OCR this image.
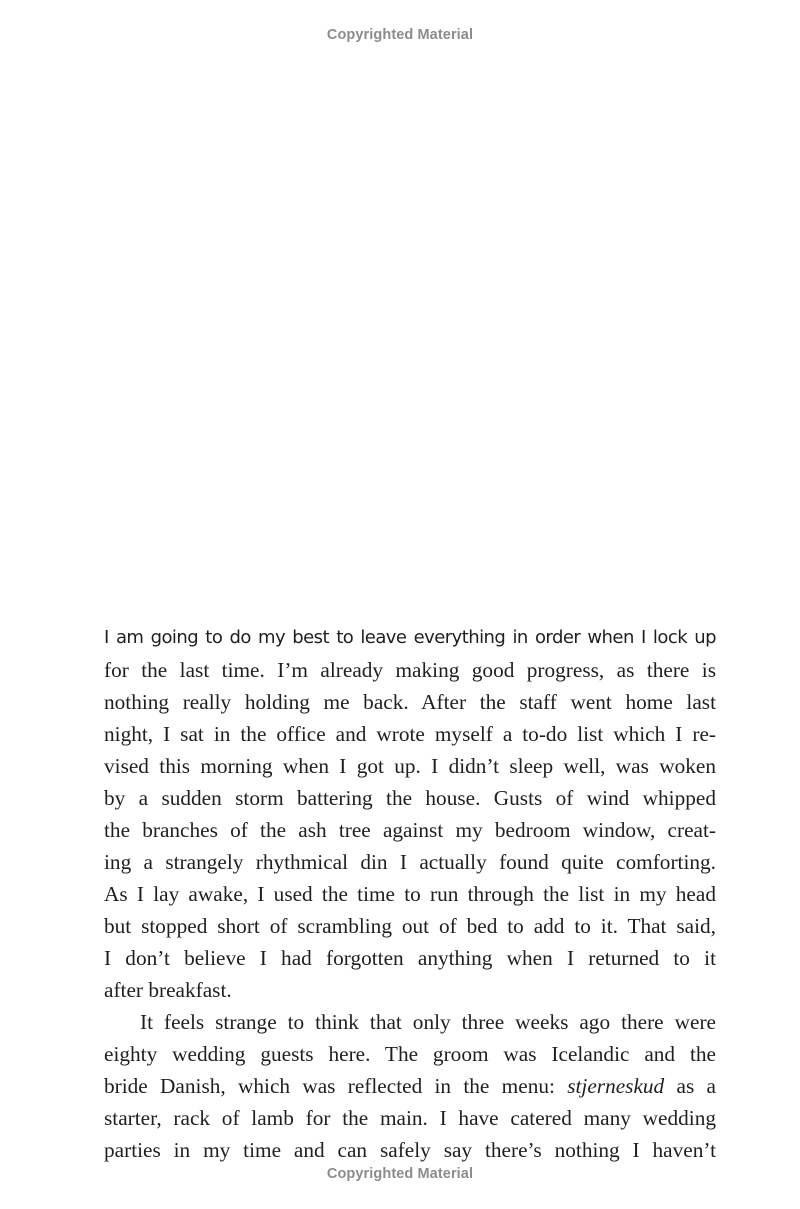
Copyrighted Material
I am going to do my best to leave everything in order when I lock up
for the last time. I’m already making good progress, as there is
nothing really holding me back. After the staff went home last
night, I sat in the office and wrote myself a to-do list which I re-
vised this morning when I got up. I didn’t sleep well, was woken
by a sudden storm battering the house. Gusts of wind whipped
the branches of the ash tree against my bedroom window, creat-
ing a strangely rhythmical din I actually found quite comforting.
As I lay awake, I used the time to run through the list in my head
but stopped short of scrambling out of bed to add to it. That said,
I don’t believe I had forgotten anything when I returned to it
after breakfast.
It feels strange to think that only three weeks ago there were
eighty wedding guests here. The groom was Icelandic and the
bride Danish, which was reflected in the menu: stjerneskud as a
starter, rack of lamb for the main. I have catered many wedding
parties in my time and can safely say there’s nothing I haven’t
Copyrighted Material
